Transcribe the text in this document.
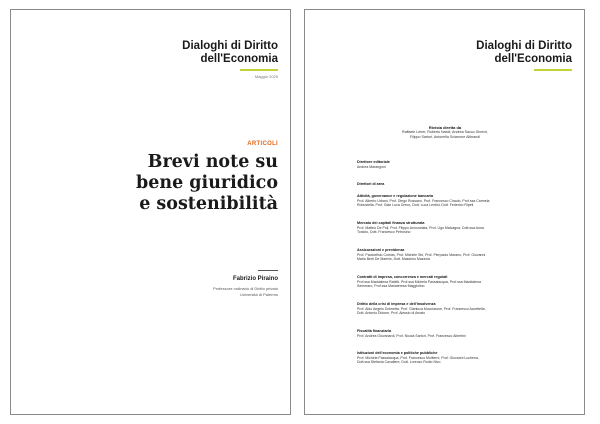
Dialoghi di Diritto
dell'Economia
Maggio 2025
ARTICOLI
Brevi note su
bene giuridico
e sostenibilità
Fabrizio Piraino
Professore ordinario di Diritto privato
Università di Palermo
Dialoghi di Diritto
dell'Economia
Rivista diretta da
Raffaele Lener, Roberto Natoli, Andrea Sacco Ginevri,
Filippo Sartori, Antonella Sciarrone Alibrandi
Direttore editoriale
Andrea Marangoni
Direttori di area
Attività, governance e regolazione bancaria
Prof. Alberto Urbani, Prof. Diego Rossano, Prof. Francesco Ciraolo, Prof.ssa Carmela
Robustella, Prof. Gian Luca Greco, Dott. Luca Lentini, Dott. Federico Ripeti
Mercato dei capitali finanza strutturata
Prof. Matteo De Poli, Prof. Filippo Annunziata, Prof. Ugo Malvagna, Dott.ssa Anna
Toniolo, Dott. Francesco Petrosino
Assicurazioni e previdenza
Prof. Paoloefisio Corrias, Prof. Michele Siri, Prof. Pierpaolo Marano, Prof. Giovanni
Maria Berti De Marinis, Dott. Massimo Mazzola
Contratti di impresa, concorrenza e mercati regolati
Prof.ssa Maddalena Rabitti, Prof.ssa Michela Passalacqua, Prof.ssa Maddalena
Semeraro, Prof.ssa Mariateresa Maggiolino
Diritto della crisi di impresa e dell'insolvenza
Prof. Aldo Angelo Dolmetta, Prof. Gianluca Mucciarone, Prof. Francesco Accettella,
Dott. Antonio Didone, Prof. Alessio di Amato
Fiscalità finanziaria
Prof. Andrea Giovanardi, Prof. Nicola Sartori, Prof. Francesco Albertini
Istituzioni dell'economia e politiche pubbliche
Prof. Michela Passalacqua, Prof. Francesco Moliterni, Prof. Giovanni Luchena,
Dott.ssa Stefania Cavaliere, Dott. Lorenzo Rodio Nico
